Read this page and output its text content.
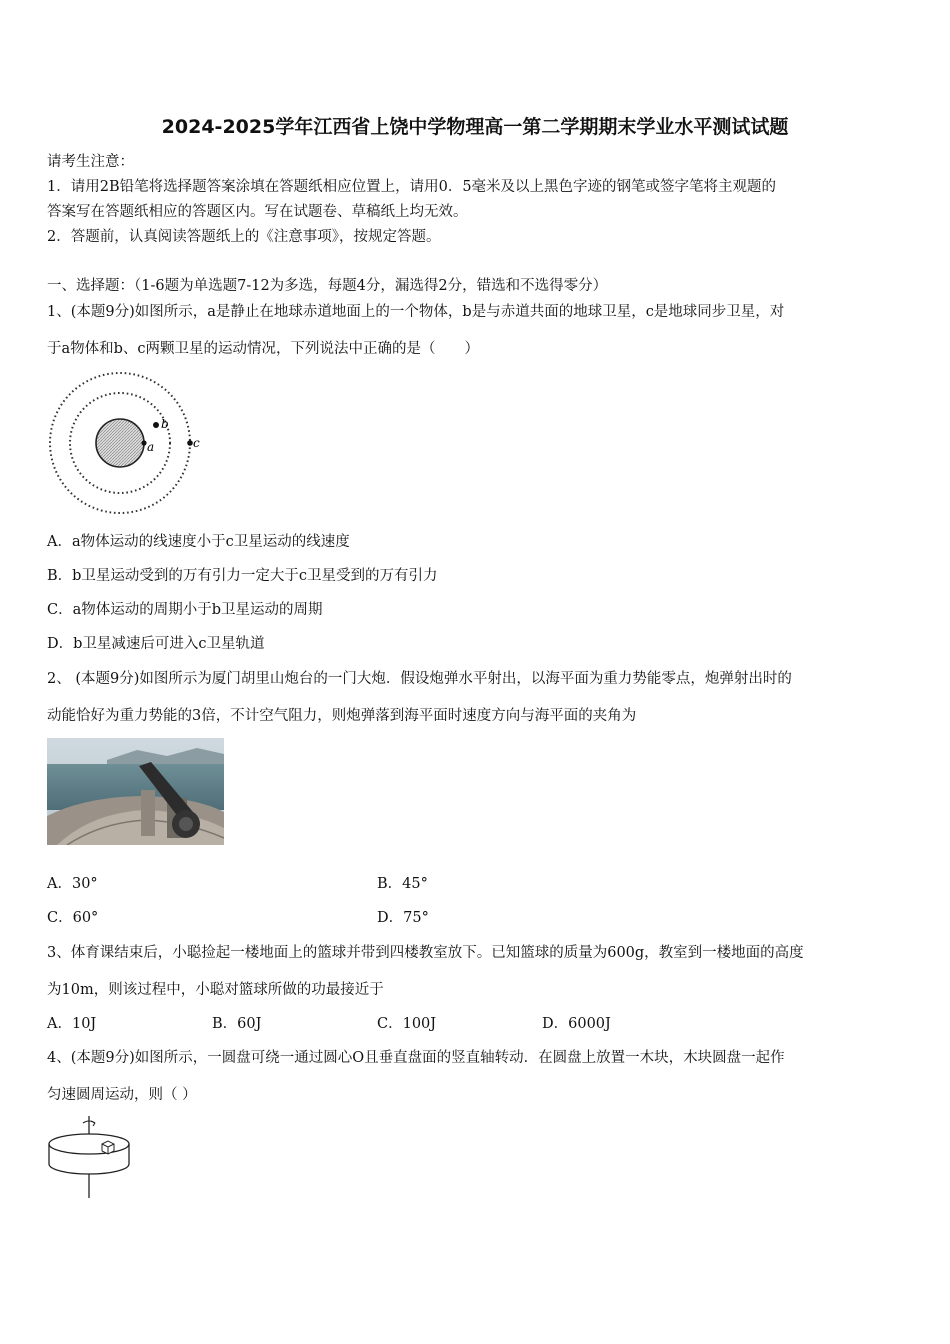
2024-2025学年江西省上饶中学物理高一第二学期期末学业水平测试试题
请考生注意：
1．请用2B铅笔将选择题答案涂填在答题纸相应位置上，请用0．5毫米及以上黑色字迹的钢笔或签字笔将主观题的
答案写在答题纸相应的答题区内。写在试题卷、草稿纸上均无效。
2．答题前，认真阅读答题纸上的《注意事项》，按规定答题。
一、选择题：（1-6题为单选题7-12为多选，每题4分，漏选得2分，错选和不选得零分）
1、(本题9分)如图所示，a是静止在地球赤道地面上的一个物体，b是与赤道共面的地球卫星，c是地球同步卫星，对
于a物体和b、c两颗卫星的运动情况，下列说法中正确的是（　　）
a
b
c
A．a物体运动的线速度小于c卫星运动的线速度
B．b卫星运动受到的万有引力一定大于c卫星受到的万有引力
C．a物体运动的周期小于b卫星运动的周期
D．b卫星减速后可进入c卫星轨道
2、 (本题9分)如图所示为厦门胡里山炮台的一门大炮．假设炮弹水平射出，以海平面为重力势能零点，炮弹射出时的
动能恰好为重力势能的3倍，不计空气阻力，则炮弹落到海平面时速度方向与海平面的夹角为
A．30°	B．45°
C．60°	D．75°
3、体育课结束后，小聪捡起一楼地面上的篮球并带到四楼教室放下。已知篮球的质量为600g，教室到一楼地面的高度
为10m，则该过程中，小聪对篮球所做的功最接近于
A．10J	B．60J	C．100J	D．6000J
4、(本题9分)如图所示，一圆盘可绕一通过圆心O且垂直盘面的竖直轴转动．在圆盘上放置一木块，木块圆盘一起作
匀速圆周运动，则（ ）
